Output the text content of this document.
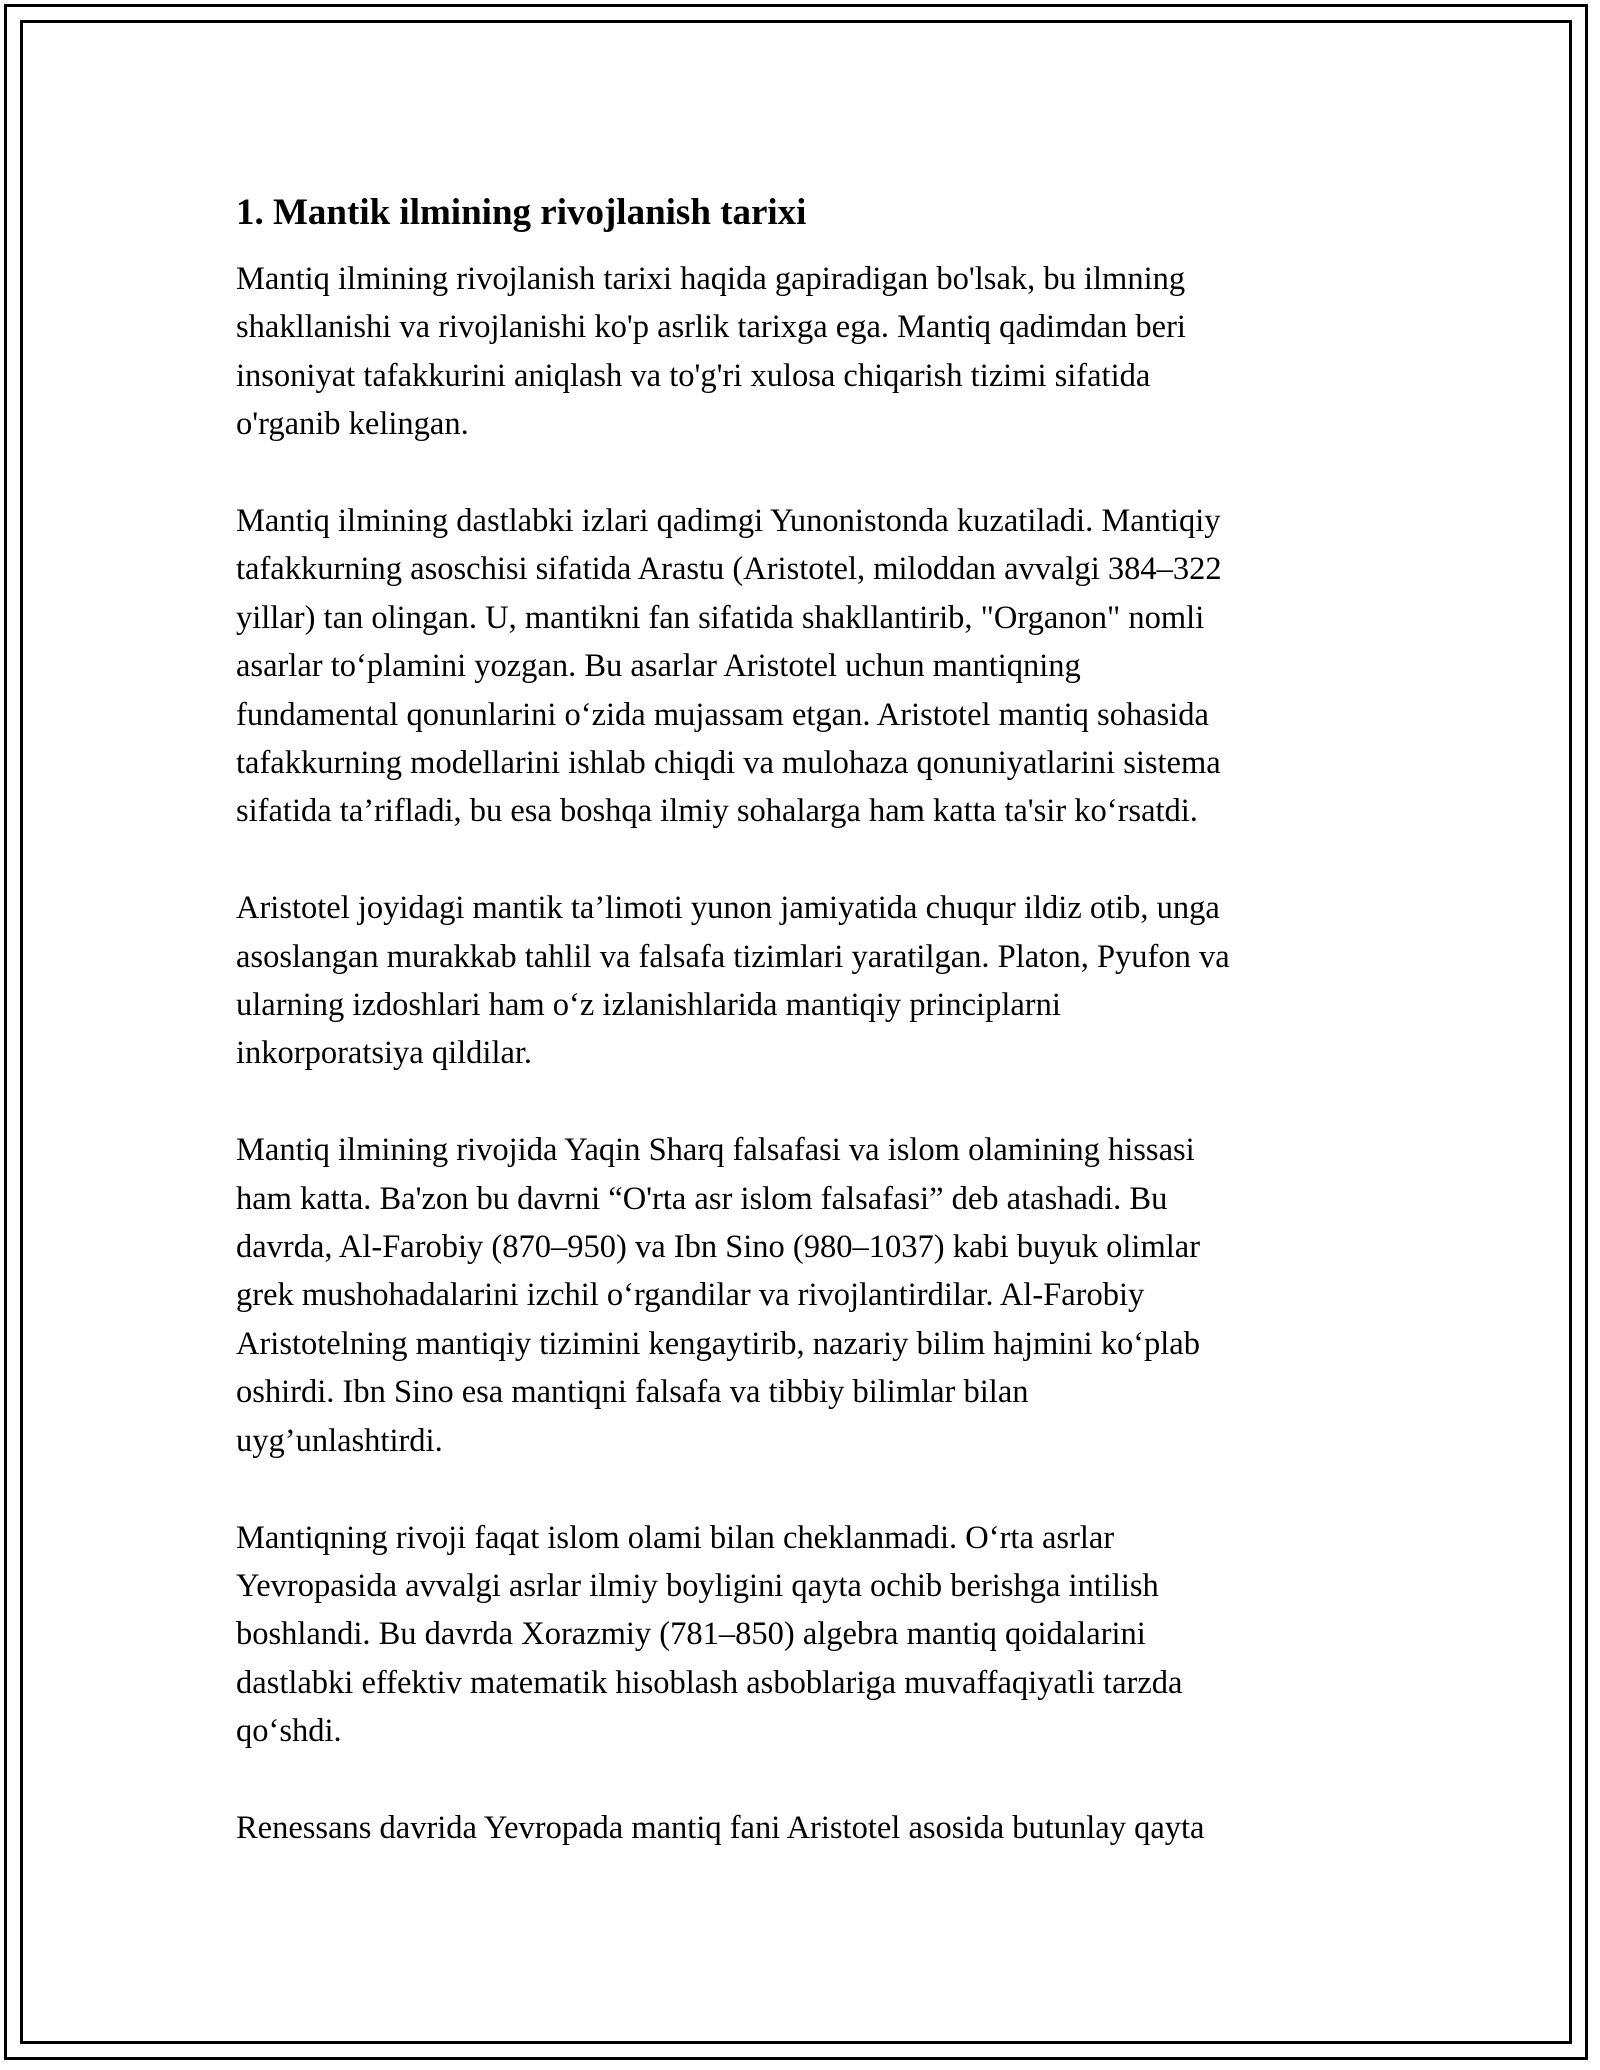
1. Mantik ilmining rivojlanish tarixi
Mantiq ilmining rivojlanish tarixi haqida gapiradigan bo'lsak, bu ilmning
shakllanishi va rivojlanishi ko'p asrlik tarixga ega. Mantiq qadimdan beri
insoniyat tafakkurini aniqlash va to'g'ri xulosa chiqarish tizimi sifatida
o'rganib kelingan.
Mantiq ilmining dastlabki izlari qadimgi Yunonistonda kuzatiladi. Mantiqiy
tafakkurning asoschisi sifatida Arastu (Aristotel, miloddan avvalgi 384–322
yillar) tan olingan. U, mantikni fan sifatida shakllantirib, "Organon" nomli
asarlar to‘plamini yozgan. Bu asarlar Aristotel uchun mantiqning
fundamental qonunlarini o‘zida mujassam etgan. Aristotel mantiq sohasida
tafakkurning modellarini ishlab chiqdi va mulohaza qonuniyatlarini sistema
sifatida ta’rifladi, bu esa boshqa ilmiy sohalarga ham katta ta'sir ko‘rsatdi.
Aristotel joyidagi mantik ta’limoti yunon jamiyatida chuqur ildiz otib, unga
asoslangan murakkab tahlil va falsafa tizimlari yaratilgan. Platon, Pyufon va
ularning izdoshlari ham o‘z izlanishlarida mantiqiy principlarni
inkorporatsiya qildilar.
Mantiq ilmining rivojida Yaqin Sharq falsafasi va islom olamining hissasi
ham katta. Ba'zon bu davrni “O'rta asr islom falsafasi” deb atashadi. Bu
davrda, Al-Farobiy (870–950) va Ibn Sino (980–1037) kabi buyuk olimlar
grek mushohadalarini izchil o‘rgandilar va rivojlantirdilar. Al-Farobiy
Aristotelning mantiqiy tizimini kengaytirib, nazariy bilim hajmini ko‘plab
oshirdi. Ibn Sino esa mantiqni falsafa va tibbiy bilimlar bilan
uyg’unlashtirdi.
Mantiqning rivoji faqat islom olami bilan cheklanmadi. O‘rta asrlar
Yevropasida avvalgi asrlar ilmiy boyligini qayta ochib berishga intilish
boshlandi. Bu davrda Xorazmiy (781–850) algebra mantiq qoidalarini
dastlabki effektiv matematik hisoblash asboblariga muvaffaqiyatli tarzda
qo‘shdi.
Renessans davrida Yevropada mantiq fani Aristotel asosida butunlay qayta
